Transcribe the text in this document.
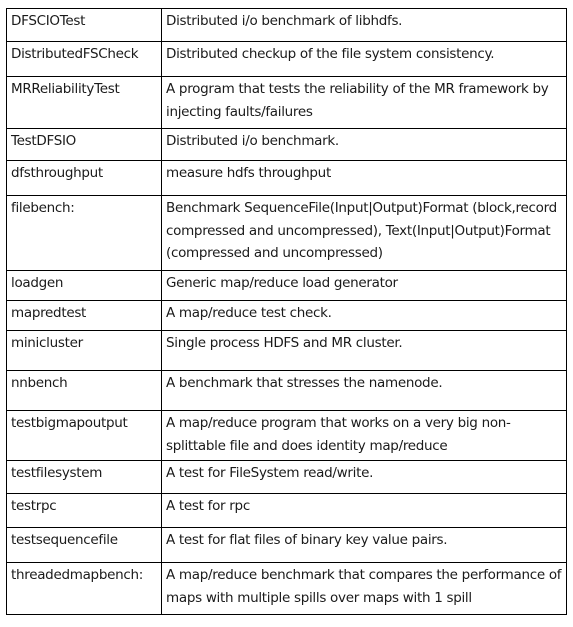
DFSCIOTest	Distributed i/o benchmark of libhdfs.
DistributedFSCheck	Distributed checkup of the file system consistency.
MRReliabilityTest	A program that tests the reliability of the MR framework by injecting faults/failures
TestDFSIO	Distributed i/o benchmark.
dfsthroughput	measure hdfs throughput
filebench:	Benchmark SequenceFile(Input|Output)Format (block,record compressed and uncompressed), Text(Input|Output)Format (compressed and uncompressed)
loadgen	Generic map/reduce load generator
mapredtest	A map/reduce test check.
minicluster	Single process HDFS and MR cluster.
nnbench	A benchmark that stresses the namenode.
testbigmapoutput	A map/reduce program that works on a very big non-splittable file and does identity map/reduce
testfilesystem	A test for FileSystem read/write.
testrpc	A test for rpc
testsequencefile	A test for flat files of binary key value pairs.
threadedmapbench:	A map/reduce benchmark that compares the performance of maps with multiple spills over maps with 1 spill
